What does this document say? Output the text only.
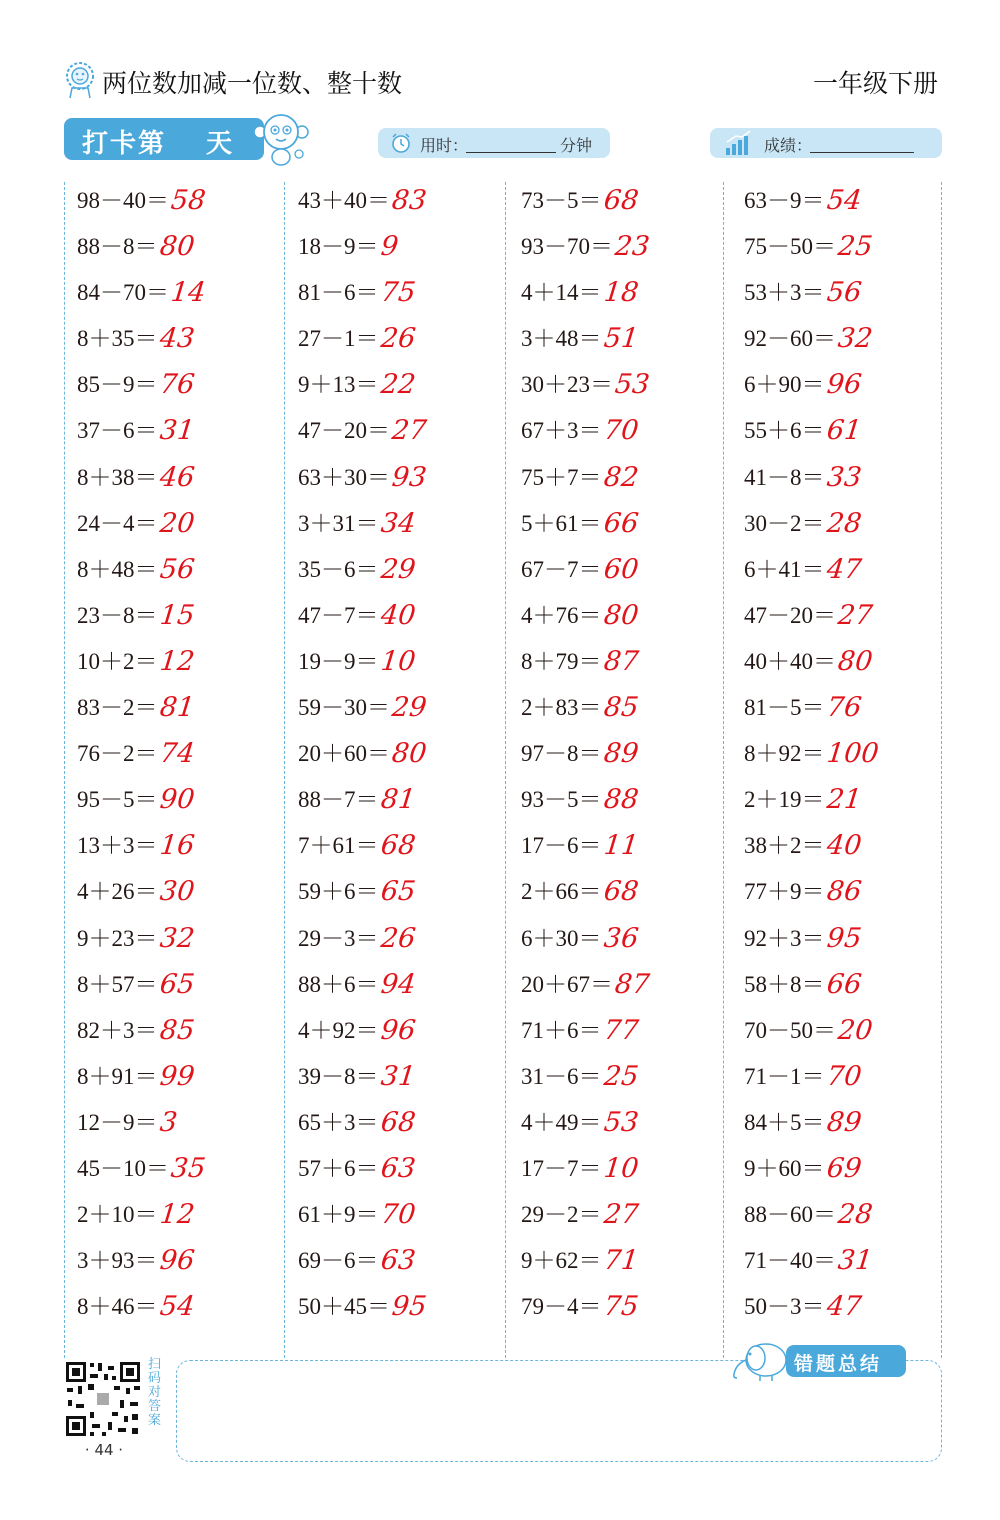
两位数加减一位数、整十数	一年级下册
打卡第 天	用时：	分钟	成绩：
98－40＝58
88－8＝80
84－70＝14
8＋35＝43
85－9＝76
37－6＝31
8＋38＝46
24－4＝20
8＋48＝56
23－8＝15
10＋2＝12
83－2＝81
76－2＝74
95－5＝90
13＋3＝16
4＋26＝30
9＋23＝32
8＋57＝65
82＋3＝85
8＋91＝99
12－9＝3
45－10＝35
2＋10＝12
3＋93＝96
8＋46＝54
43＋40＝83
18－9＝9
81－6＝75
27－1＝26
9＋13＝22
47－20＝27
63＋30＝93
3＋31＝34
35－6＝29
47－7＝40
19－9＝10
59－30＝29
20＋60＝80
88－7＝81
7＋61＝68
59＋6＝65
29－3＝26
88＋6＝94
4＋92＝96
39－8＝31
65＋3＝68
57＋6＝63
61＋9＝70
69－6＝63
50＋45＝95
73－5＝68
93－70＝23
4＋14＝18
3＋48＝51
30＋23＝53
67＋3＝70
75＋7＝82
5＋61＝66
67－7＝60
4＋76＝80
8＋79＝87
2＋83＝85
97－8＝89
93－5＝88
17－6＝11
2＋66＝68
6＋30＝36
20＋67＝87
71＋6＝77
31－6＝25
4＋49＝53
17－7＝10
29－2＝27
9＋62＝71
79－4＝75
63－9＝54
75－50＝25
53＋3＝56
92－60＝32
6＋90＝96
55＋6＝61
41－8＝33
30－2＝28
6＋41＝47
47－20＝27
40＋40＝80
81－5＝76
8＋92＝100
2＋19＝21
38＋2＝40
77＋9＝86
92＋3＝95
58＋8＝66
70－50＝20
71－1＝70
84＋5＝89
9＋60＝69
88－60＝28
71－40＝31
50－3＝47
扫码对答案
· 44 ·
错题总结
